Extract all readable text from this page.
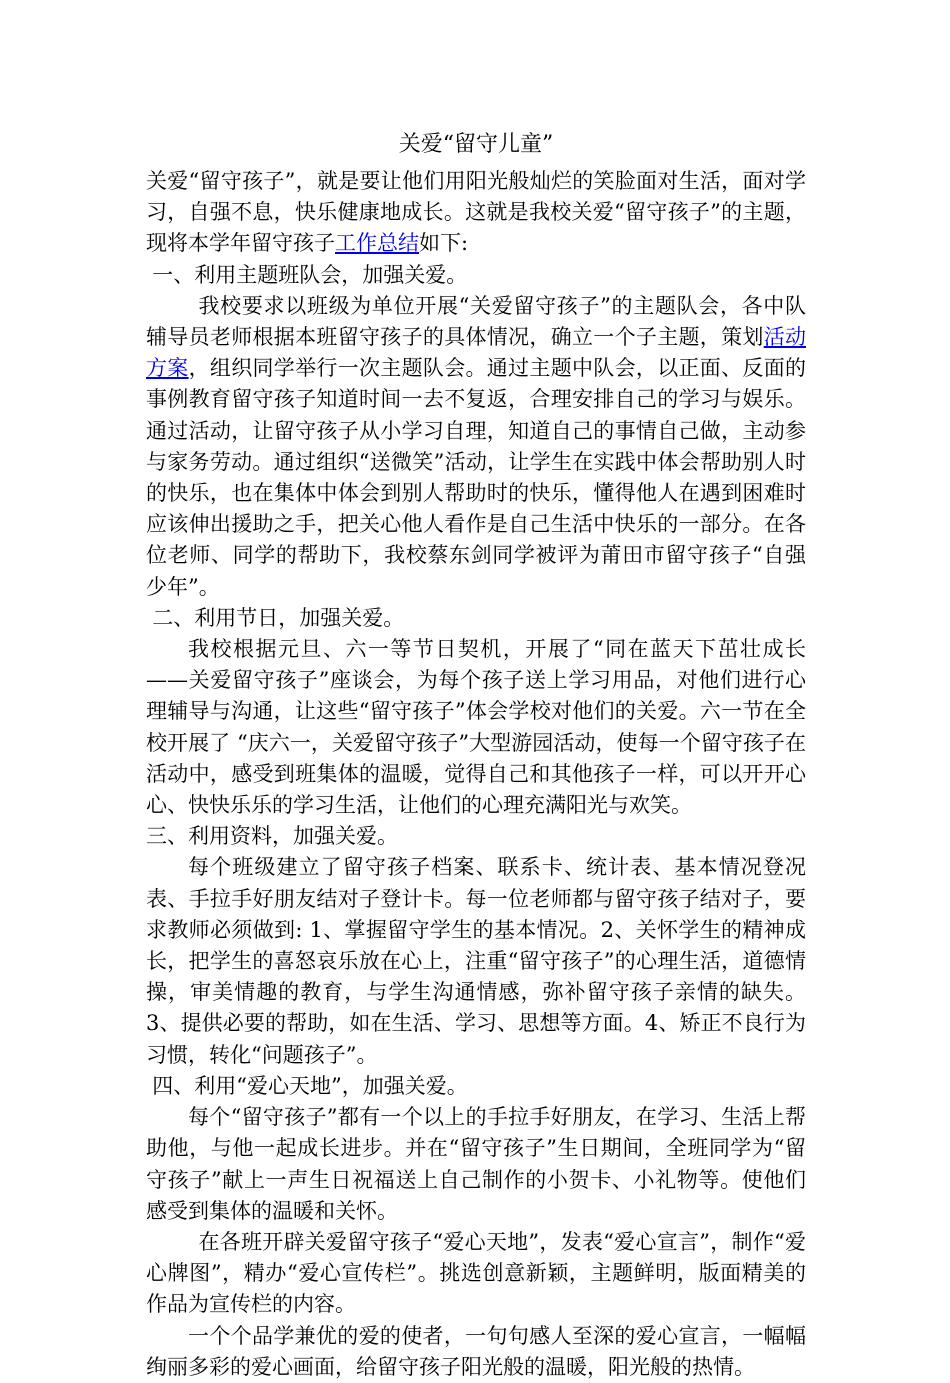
关爱“留守儿童”

关爱“留守孩子”，就是要让他们用阳光般灿烂的笑脸面对生活，面对学习，自强不息，快乐健康地成长。这就是我校关爱“留守孩子”的主题，现将本学年留守孩子工作总结如下:

一、利用主题班队会，加强关爱。

我校要求以班级为单位开展“关爱留守孩子”的主题队会，各中队辅导员老师根据本班留守孩子的具体情况，确立一个子主题，策划活动方案，组织同学举行一次主题队会。通过主题中队会，以正面、反面的事例教育留守孩子知道时间一去不复返，合理安排自己的学习与娱乐。通过活动，让留守孩子从小学习自理，知道自己的事情自己做，主动参与家务劳动。通过组织“送微笑”活动，让学生在实践中体会帮助别人时的快乐，也在集体中体会到别人帮助时的快乐，懂得他人在遇到困难时应该伸出援助之手，把关心他人看作是自己生活中快乐的一部分。在各位老师、同学的帮助下，我校蔡东剑同学被评为莆田市留守孩子“自强少年”。

二、利用节日，加强关爱。

我校根据元旦、六一等节日契机，开展了“同在蓝天下茁壮成长——关爱留守孩子”座谈会，为每个孩子送上学习用品，对他们进行心理辅导与沟通，让这些“留守孩子”体会学校对他们的关爱。六一节在全校开展了 “庆六一，关爱留守孩子”大型游园活动，使每一个留守孩子在活动中，感受到班集体的温暖，觉得自己和其他孩子一样，可以开开心心、快快乐乐的学习生活，让他们的心理充满阳光与欢笑。

三、利用资料，加强关爱。

每个班级建立了留守孩子档案、联系卡、统计表、基本情况登况表、手拉手好朋友结对子登计卡。每一位老师都与留守孩子结对子，要求教师必须做到: 1、掌握留守学生的基本情况。2、关怀学生的精神成长，把学生的喜怒哀乐放在心上，注重“留守孩子”的心理生活，道德情操，审美情趣的教育，与学生沟通情感，弥补留守孩子亲情的缺失。3、提供必要的帮助，如在生活、学习、思想等方面。4、矫正不良行为习惯，转化“问题孩子”。

四、利用“爱心天地”，加强关爱。

每个“留守孩子”都有一个以上的手拉手好朋友，在学习、生活上帮助他，与他一起成长进步。并在“留守孩子”生日期间，全班同学为“留守孩子”献上一声生日祝福送上自己制作的小贺卡、小礼物等。使他们感受到集体的温暖和关怀。

在各班开辟关爱留守孩子“爱心天地”，发表“爱心宣言”，制作“爱心牌图”，精办“爱心宣传栏”。挑选创意新颖，主题鲜明，版面精美的作品为宣传栏的内容。

一个个品学兼优的爱的使者，一句句感人至深的爱心宣言，一幅幅绚丽多彩的爱心画面，给留守孩子阳光般的温暖，阳光般的热情。
